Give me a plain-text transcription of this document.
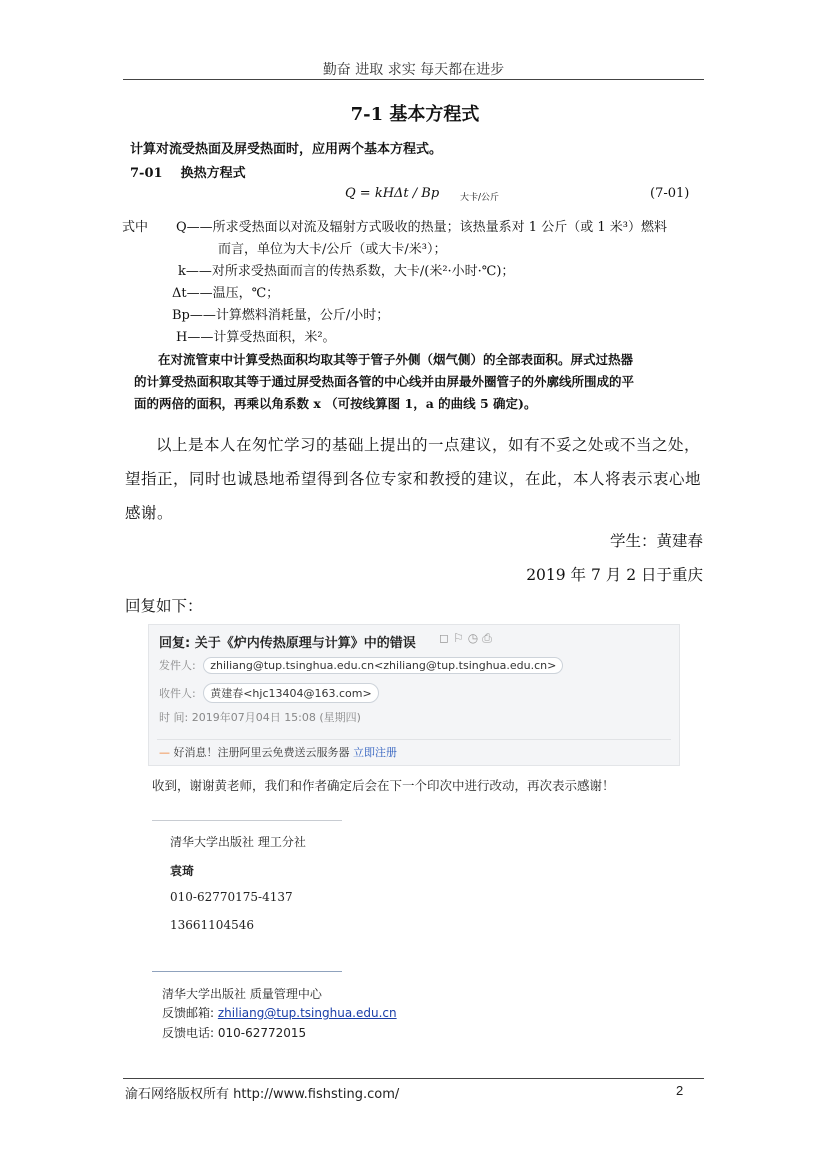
勤奋 进取 求实 每天都在进步
7-1 基本方程式
计算对流受热面及屏受热面时，应用两个基本方程式。
7-01 换热方程式
Q = kHΔt / Bp 大卡/公斤	(7-01)
式中 Q——所求受热面以对流及辐射方式吸收的热量；该热量系对 1 公斤（或 1 米³）燃料
而言，单位为大卡/公斤（或大卡/米³）；
k——对所求受热面而言的传热系数，大卡/(米²·小时·℃)；
Δt——温压，℃；
Bp——计算燃料消耗量，公斤/小时；
H——计算受热面积，米²。
在对流管束中计算受热面积均取其等于管子外侧（烟气侧）的全部表面积。屏式过热器
的计算受热面积取其等于通过屏受热面各管的中心线并由屏最外圈管子的外廓线所围成的平
面的两倍的面积，再乘以角系数 x （可按线算图 1，a 的曲线 5 确定)。
以上是本人在匆忙学习的基础上提出的一点建议，如有不妥之处或不当之处，望指正，同时也诚恳地希望得到各位专家和教授的建议，在此，本人将表示衷心地感谢。
学生：黄建春
2019 年 7 月 2 日于重庆
回复如下：
回复: 关于《炉内传热原理与计算》中的错误 ◻⚐◷⎙
发件人: zhiliang@tup.tsinghua.edu.cn<zhiliang@tup.tsinghua.edu.cn>
收件人: 黄建春<hjc13404@163.com>
时 间: 2019年07月04日 15:08 (星期四)
— 好消息！注册阿里云免费送云服务器 立即注册
收到，谢谢黄老师，我们和作者确定后会在下一个印次中进行改动，再次表示感谢！
清华大学出版社 理工分社
袁琦
010-62770175-4137
13661104546
清华大学出版社 质量管理中心
反馈邮箱: zhiliang@tup.tsinghua.edu.cn
反馈电话: 010-62772015
渝石网络版权所有 http://www.fishsting.com/	2
